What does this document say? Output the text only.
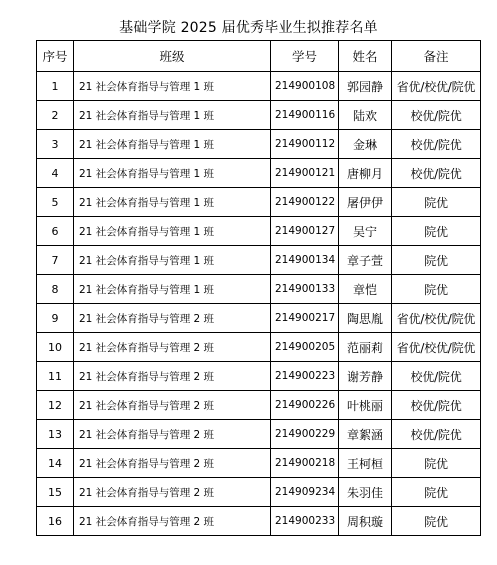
基础学院 2025 届优秀毕业生拟推荐名单
序号	班级	学号	姓名	备注
1	21 社会体育指导与管理 1 班	214900108	郭园静	省优/校优/院优
2	21 社会体育指导与管理 1 班	214900116	陆欢	校优/院优
3	21 社会体育指导与管理 1 班	214900112	金琳	校优/院优
4	21 社会体育指导与管理 1 班	214900121	唐柳月	校优/院优
5	21 社会体育指导与管理 1 班	214900122	屠伊伊	院优
6	21 社会体育指导与管理 1 班	214900127	吴宁	院优
7	21 社会体育指导与管理 1 班	214900134	章子萱	院优
8	21 社会体育指导与管理 1 班	214900133	章恺	院优
9	21 社会体育指导与管理 2 班	214900217	陶思胤	省优/校优/院优
10	21 社会体育指导与管理 2 班	214900205	范丽莉	省优/校优/院优
11	21 社会体育指导与管理 2 班	214900223	谢芳静	校优/院优
12	21 社会体育指导与管理 2 班	214900226	叶桃丽	校优/院优
13	21 社会体育指导与管理 2 班	214900229	章絮涵	校优/院优
14	21 社会体育指导与管理 2 班	214900218	王柯桓	院优
15	21 社会体育指导与管理 2 班	214909234	朱羽佳	院优
16	21 社会体育指导与管理 2 班	214900233	周积璇	院优
